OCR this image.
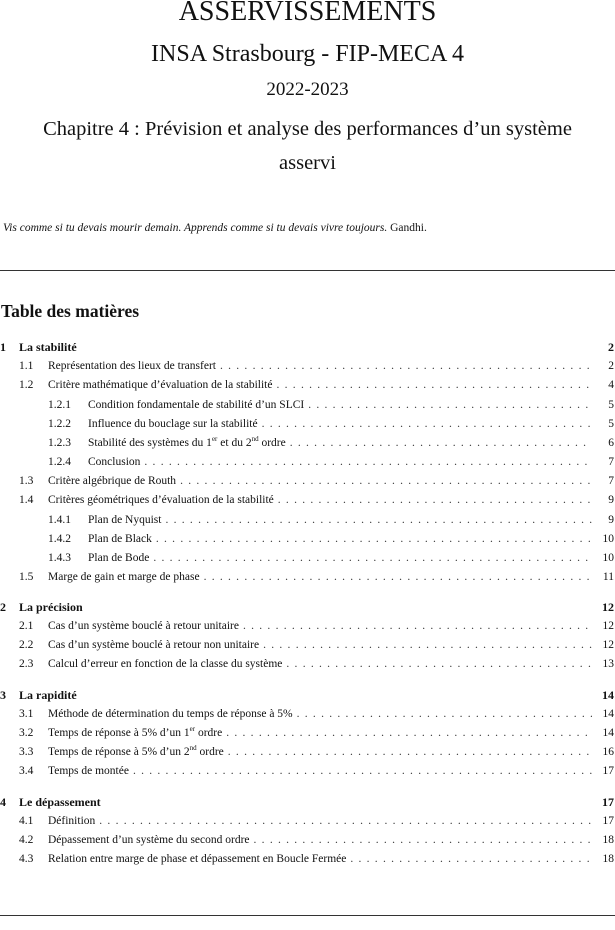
ASSERVISSEMENTS
INSA Strasbourg - FIP-MECA 4
2022-2023
Chapitre 4 : Prévision et analyse des performances d’un système
asservi
Vis comme si tu devais mourir demain. Apprends comme si tu devais vivre toujours. Gandhi.
Table des matières
1	La stabilité	2
1.1	Représentation des lieux de transfert . . .	2
1.2	Critère mathématique d’évaluation de la stabilité . . .	4
1.2.1	Condition fondamentale de stabilité d’un SLCI . . .	5
1.2.2	Influence du bouclage sur la stabilité . . .	5
1.2.3	Stabilité des systèmes du 1er et du 2nd ordre . . .	6
1.2.4	Conclusion . . .	7
1.3	Critère algébrique de Routh . . .	7
1.4	Critères géométriques d’évaluation de la stabilité . . .	9
1.4.1	Plan de Nyquist . . .	9
1.4.2	Plan de Black . . .	10
1.4.3	Plan de Bode . . .	10
1.5	Marge de gain et marge de phase . . .	11
2	La précision	12
2.1	Cas d’un système bouclé à retour unitaire . . .	12
2.2	Cas d’un système bouclé à retour non unitaire . . .	12
2.3	Calcul d’erreur en fonction de la classe du système . . .	13
3	La rapidité	14
3.1	Méthode de détermination du temps de réponse à 5% . . .	14
3.2	Temps de réponse à 5% d’un 1er ordre . . .	14
3.3	Temps de réponse à 5% d’un 2nd ordre . . .	16
3.4	Temps de montée . . .	17
4	Le dépassement	17
4.1	Définition . . .	17
4.2	Dépassement d’un système du second ordre . . .	18
4.3	Relation entre marge de phase et dépassement en Boucle Fermée . . .	18
